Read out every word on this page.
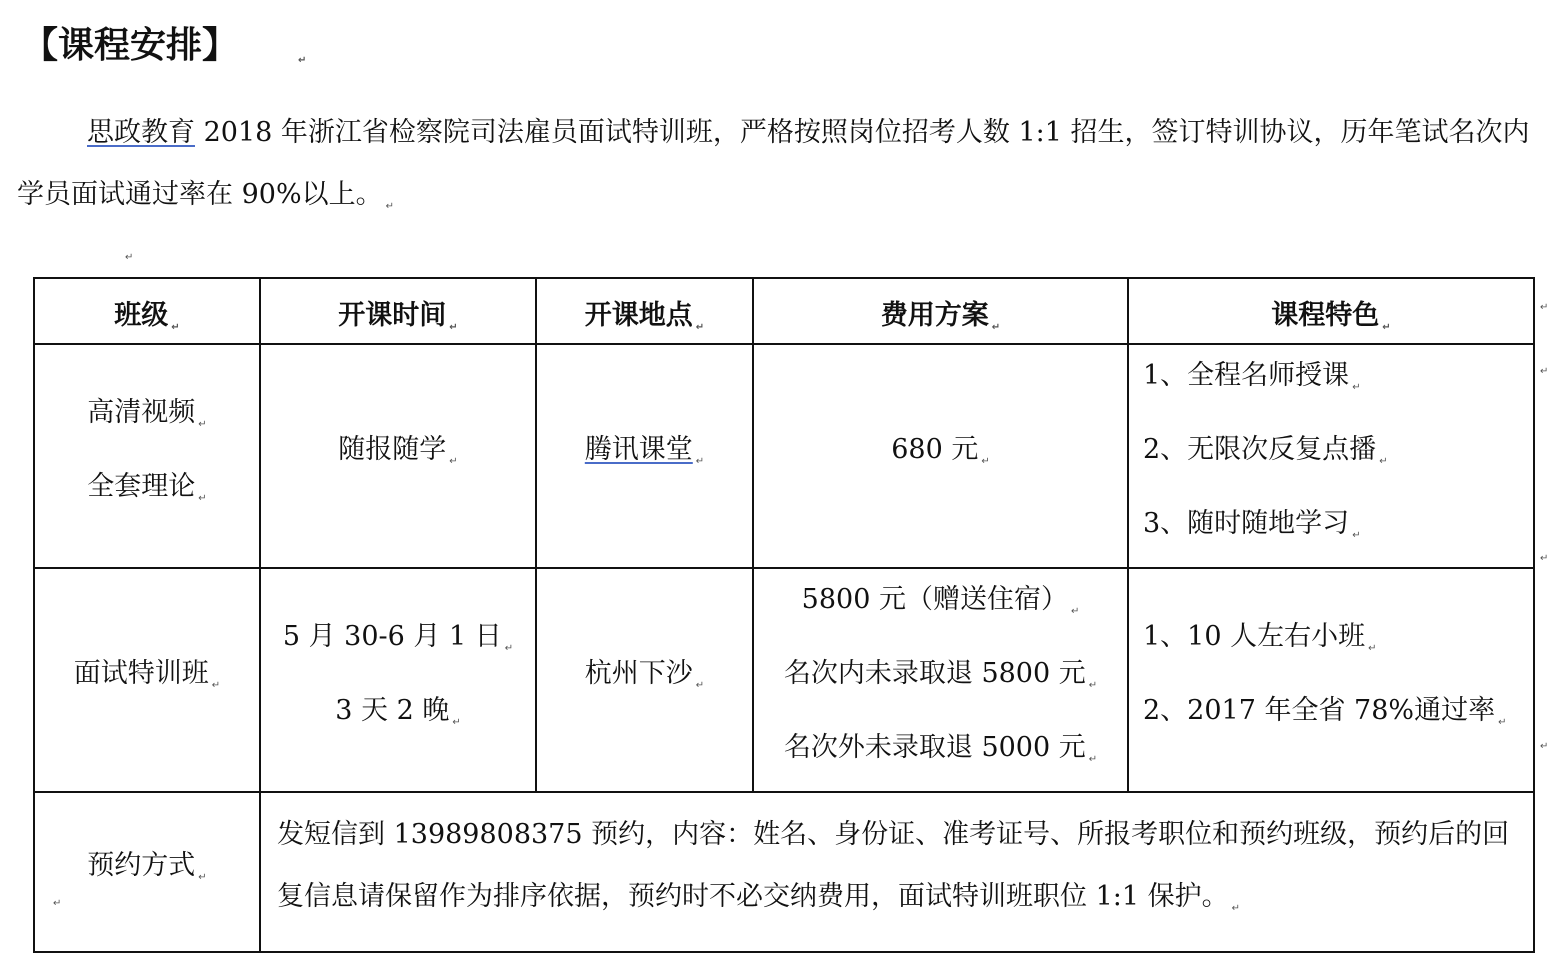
【课程安排】	↵
思政教育 2018 年浙江省检察院司法雇员面试特训班，严格按照岗位招考人数 1:1 招生，签订特训协议，历年笔试名次内学员面试通过率在 90%以上。 $_↵$
↵
班级 $_↵$	开课时间 $_↵$	开课地点 $_↵$	费用方案 $_↵$	课程特色 $_↵$

高清视频 $_↵$
全套理论 $_↵$	随报随学 $_↵$	腾讯课堂 $_↵$	680 元 $_↵$	1、全程名师授课 $_↵$
2、无限次反复点播 $_↵$
3、随时随地学习 $_↵$

面试特训班 $_↵$	5 月 30-6 月 1 日 $_↵$
3 天 2 晚 $_↵$	杭州下沙 $_↵$	5800 元（赠送住宿） $_↵$
名次内未录取退 5800 元 $_↵$
名次外未录取退 5000 元 $_↵$	1、10 人左右小班 $_↵$
2、2017 年全省 78%通过率 $_↵$

预约方式 $_↵$	发短信到 13989808375 预约，内容：姓名、身份证、准考证号、所报考职位和预约班级，预约后的回复信息请保留作为排序依据，预约时不必交纳费用，面试特训班职位 1:1 保护。 $_↵$
↵
↵
↵
↵
↵
